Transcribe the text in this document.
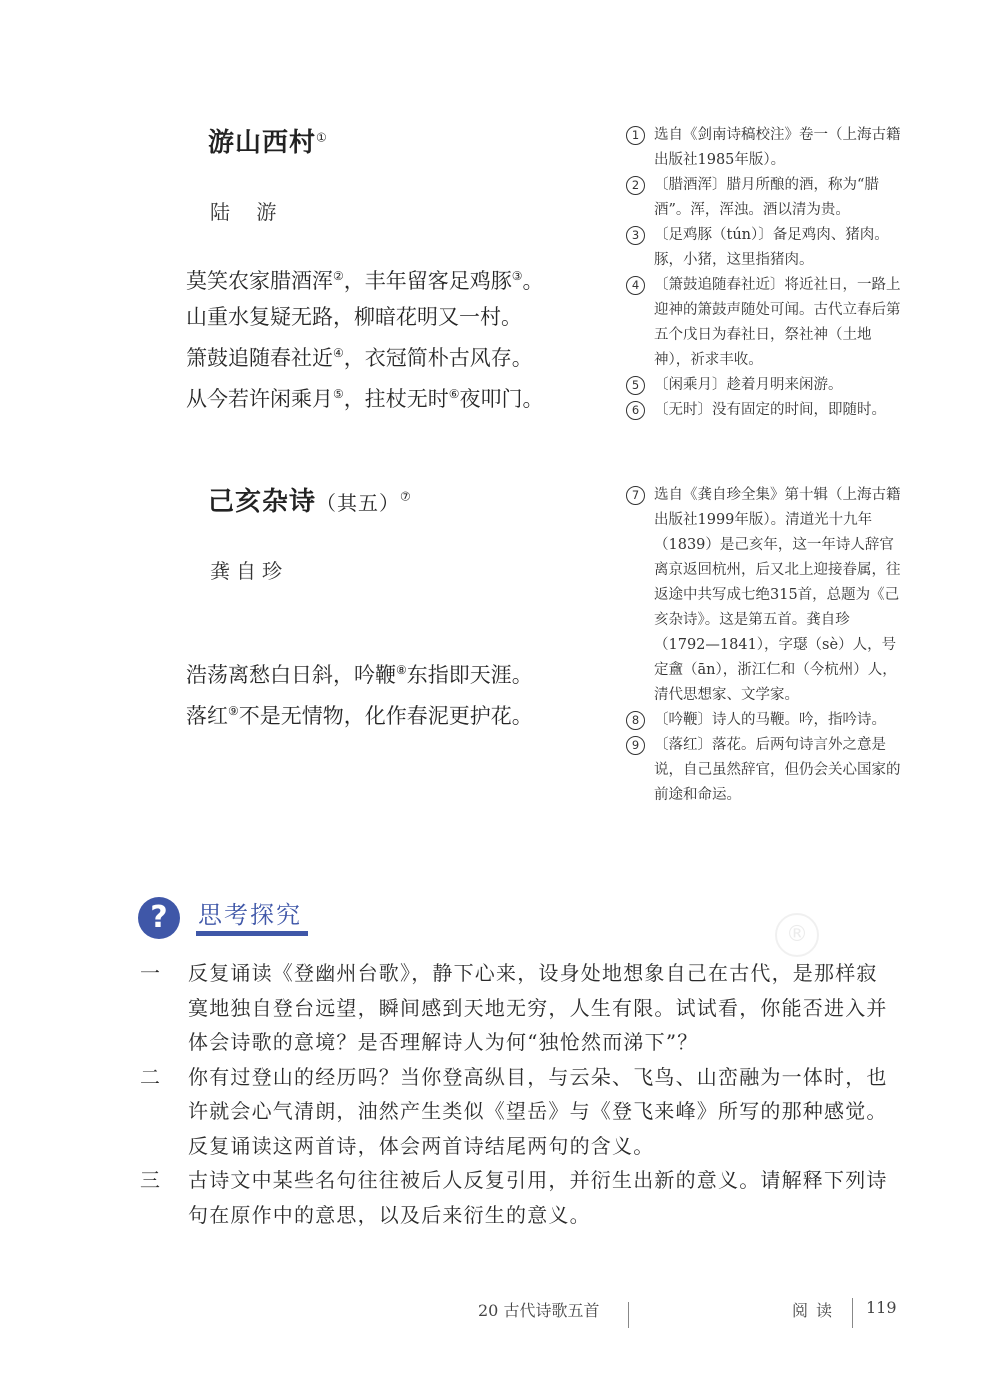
游山西村①
陆 游
莫笑农家腊酒浑②，丰年留客足鸡豚③。
山重水复疑无路，柳暗花明又一村。
箫鼓追随春社近④，衣冠简朴古风存。
从今若许闲乘月⑤，拄杖无时⑥夜叩门。

1	选自《剑南诗稿校注》卷一（上海古籍出版社1985年版）。

2	〔腊酒浑〕腊月所酿的酒，称为“腊酒”。浑，浑浊。酒以清为贵。

3	〔足鸡豚（tún）〕备足鸡肉、猪肉。豚，小猪，这里指猪肉。

4	〔箫鼓追随春社近〕将近社日，一路上迎神的箫鼓声随处可闻。古代立春后第五个戊日为春社日，祭社神（土地神），祈求丰收。

5	〔闲乘月〕趁着月明来闲游。

6	〔无时〕没有固定的时间，即随时。

己亥杂诗（其五）⑦
龚自珍
浩荡离愁白日斜，吟鞭⑧东指即天涯。
落红⑨不是无情物，化作春泥更护花。

7	选自《龚自珍全集》第十辑（上海古籍出版社1999年版）。清道光十九年（1839）是己亥年，这一年诗人辞官离京返回杭州，后又北上迎接眷属，往返途中共写成七绝315首，总题为《己亥杂诗》。这是第五首。龚自珍（1792—1841），字璱（sè）人，号定盦（ān），浙江仁和（今杭州）人，清代思想家、文学家。

8	〔吟鞭〕诗人的马鞭。吟，指吟诗。

9	〔落红〕落花。后两句诗言外之意是说，自己虽然辞官，但仍会关心国家的前途和命运。

®
?	思考探究

一 反复诵读《登幽州台歌》，静下心来，设身处地想象自己在古代，是那样寂寞地独自登台远望，瞬间感到天地无穷，人生有限。试试看，你能否进入并体会诗歌的意境？是否理解诗人为何“独怆然而涕下”？

二 你有过登山的经历吗？当你登高纵目，与云朵、飞鸟、山峦融为一体时，也许就会心气清朗，油然产生类似《望岳》与《登飞来峰》所写的那种感觉。反复诵读这两首诗，体会两首诗结尾两句的含义。

三 古诗文中某些名句往往被后人反复引用，并衍生出新的意义。请解释下列诗句在原作中的意思，以及后来衍生的意义。

20 古代诗歌五首	阅读 119
